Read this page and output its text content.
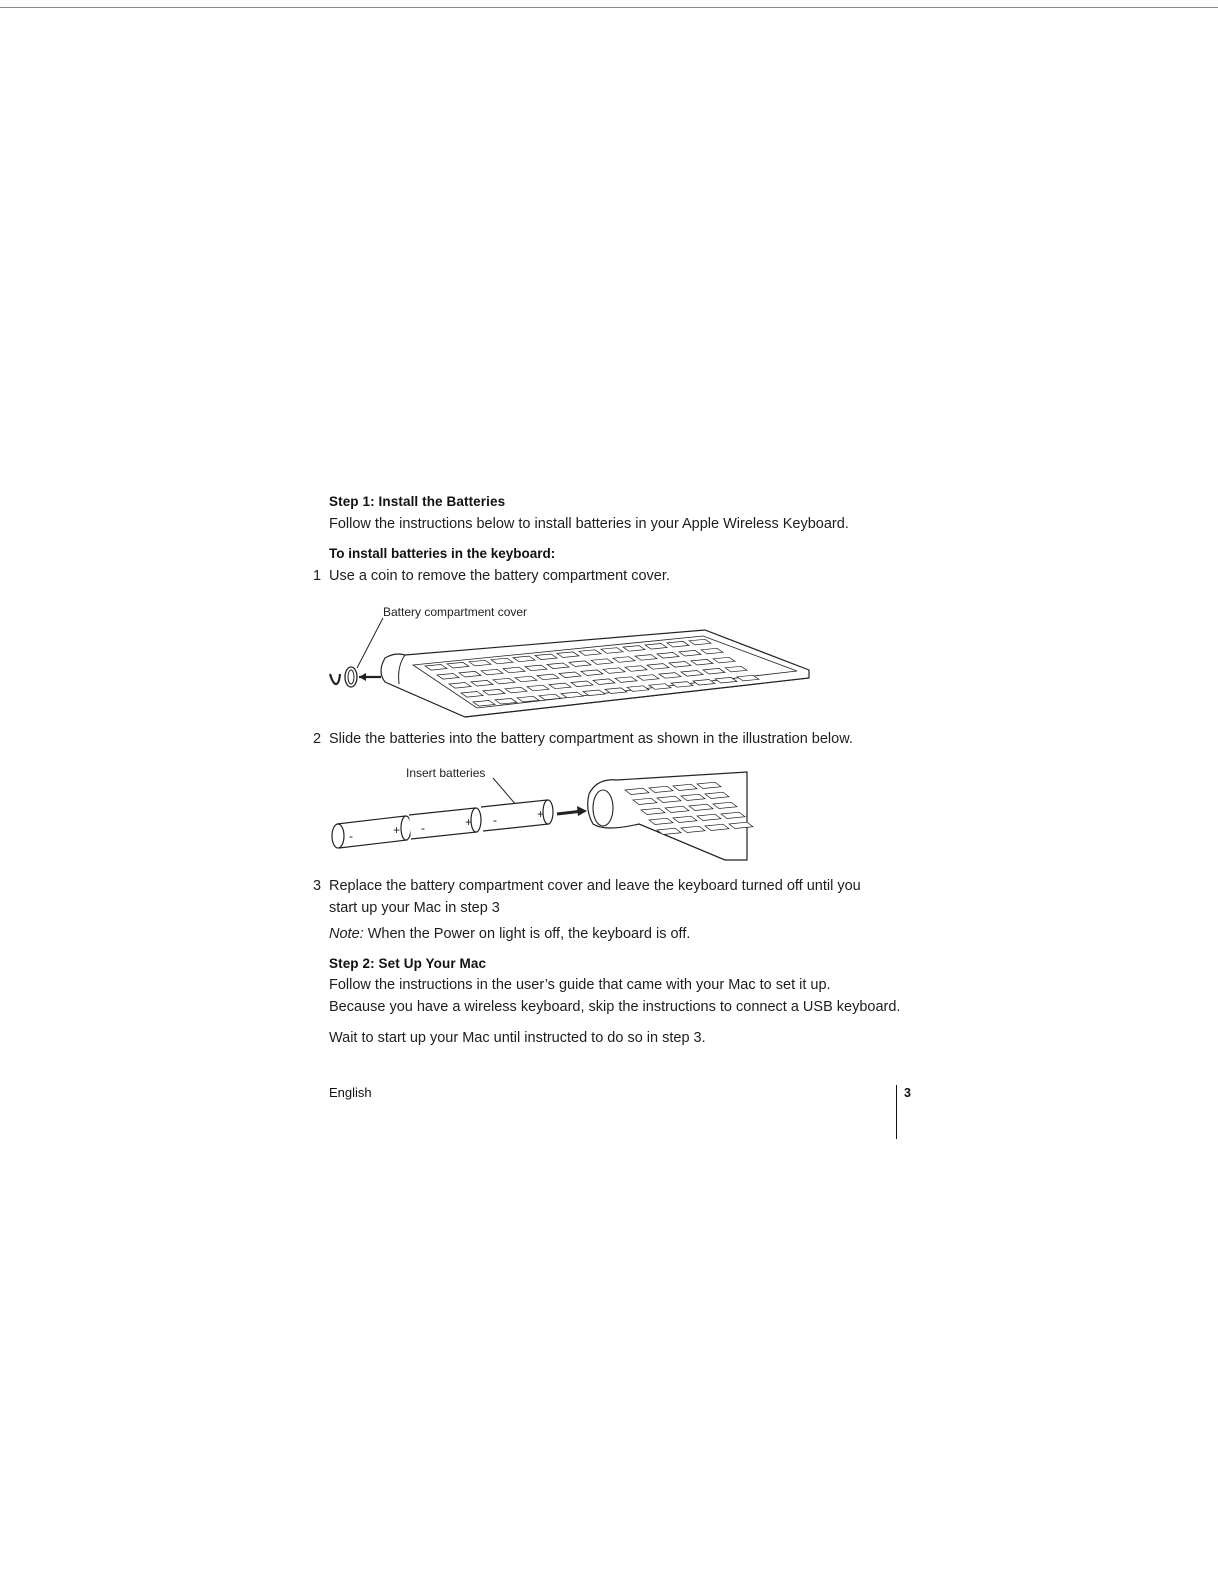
Step 1: Install the Batteries
Follow the instructions below to install batteries in your Apple Wireless Keyboard.
To install batteries in the keyboard:
1 Use a coin to remove the battery compartment cover.
Battery compartment cover
2 Slide the batteries into the battery compartment as shown in the illustration below.
Insert batteries
-	+ -	+ -	+
3 Replace the battery compartment cover and leave the keyboard turned off until you
start up your Mac in step 3
Note: When the Power on light is off, the keyboard is off.
Step 2: Set Up Your Mac
Follow the instructions in the user’s guide that came with your Mac to set it up.
Because you have a wireless keyboard, skip the instructions to connect a USB keyboard.
Wait to start up your Mac until instructed to do so in step 3.
English	3
